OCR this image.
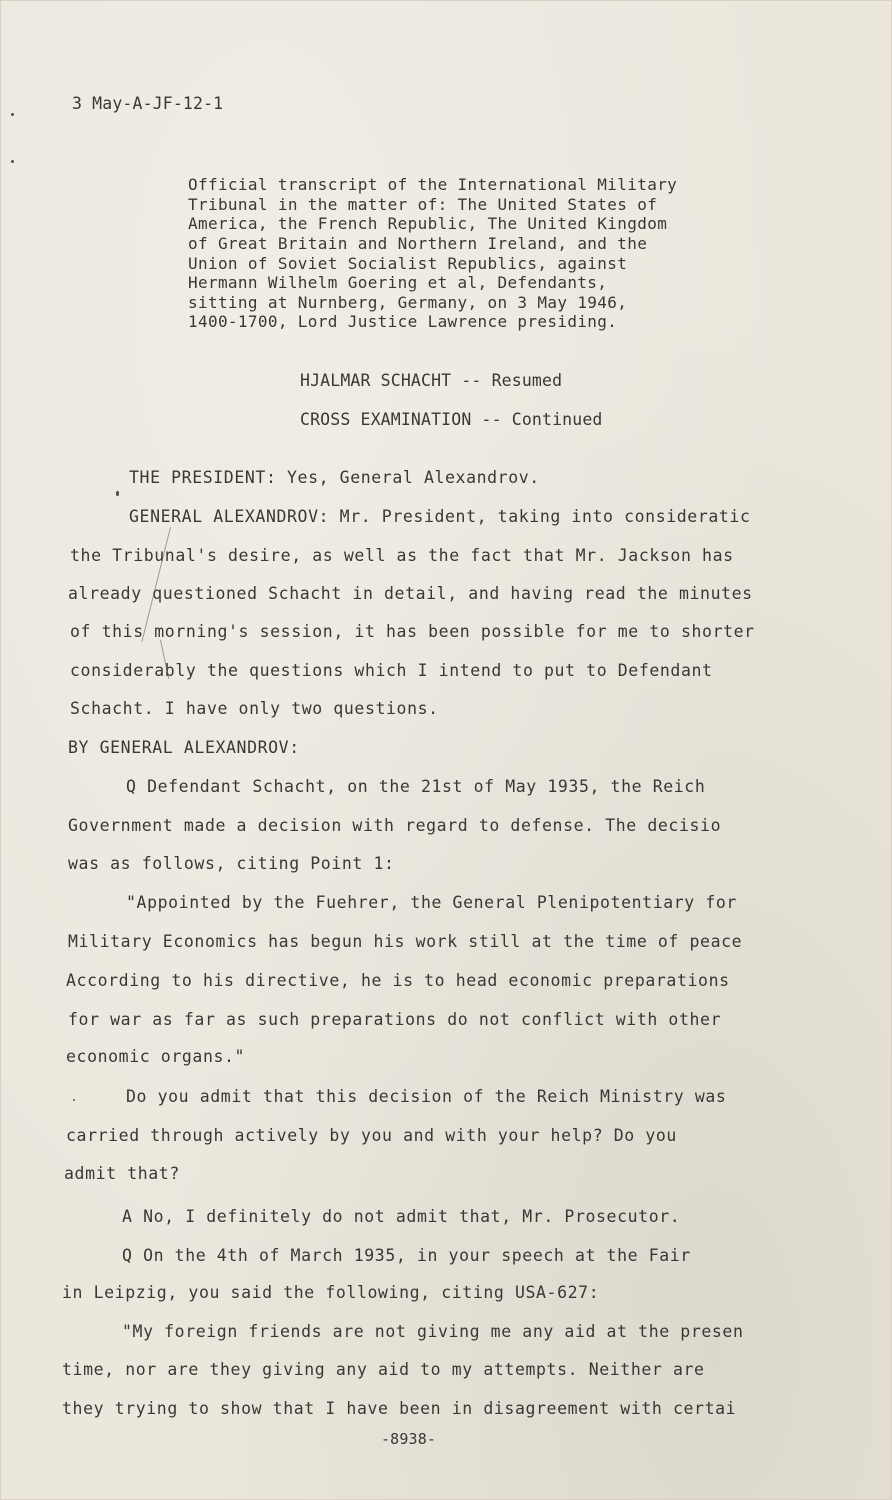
3 May-A-JF-12-1
Official transcript of the International Military
Tribunal in the matter of: The United States of
America, the French Republic, The United Kingdom
of Great Britain and Northern Ireland, and the
Union of Soviet Socialist Republics, against
Hermann Wilhelm Goering et al, Defendants,
sitting at Nurnberg, Germany, on 3 May 1946,
1400-1700, Lord Justice Lawrence presiding.
HJALMAR SCHACHT -- Resumed
CROSS EXAMINATION -- Continued
THE PRESIDENT: Yes, General Alexandrov.
GENERAL ALEXANDROV: Mr. President, taking into consideratic
the Tribunal's desire, as well as the fact that Mr. Jackson has
already questioned Schacht in detail, and having read the minutes
of this morning's session, it has been possible for me to shorter
considerably the questions which I intend to put to Defendant
Schacht. I have only two questions.
BY GENERAL ALEXANDROV:
Q Defendant Schacht, on the 21st of May 1935, the Reich
Government made a decision with regard to defense. The decisio
was as follows, citing Point 1:
"Appointed by the Fuehrer, the General Plenipotentiary for
Military Economics has begun his work still at the time of peace
According to his directive, he is to head economic preparations
for war as far as such preparations do not conflict with other
economic organs."
Do you admit that this decision of the Reich Ministry was
carried through actively by you and with your help? Do you
admit that?
A No, I definitely do not admit that, Mr. Prosecutor.
Q On the 4th of March 1935, in your speech at the Fair
in Leipzig, you said the following, citing USA-627:
"My foreign friends are not giving me any aid at the presen
time, nor are they giving any aid to my attempts. Neither are
they trying to show that I have been in disagreement with certai
-8938-
